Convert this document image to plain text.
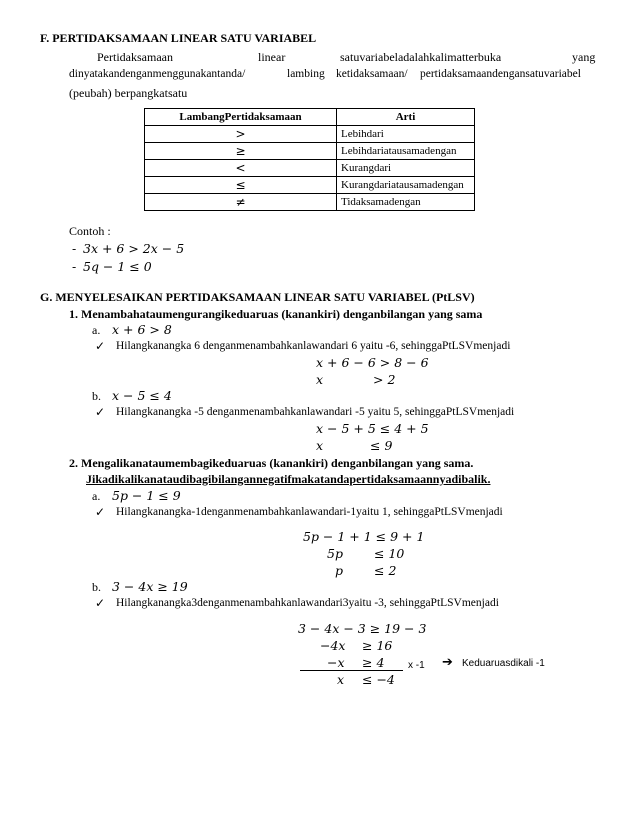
F. PERTIDAKSAMAAN LINEAR SATU VARIABEL
Pertidaksamaan	linear	satuvariabeladalahkalimatterbuka	yang
dinyatakandenganmenggunakantanda/	lambing ketidaksamaan/ pertidaksamaandengansatuvariabel
(peubah) berpangkatsatu
LambangPertidaksamaan	Arti
>	Lebihdari
≥	Lebihdariatausamadengan
<	Kurangdari
≤	Kurangdariatausamadengan
≠	Tidaksamadengan
Contoh :
- 3x + 6 > 2x − 5
- 5q − 1 ≤ 0
G. MENYELESAIKAN PERTIDAKSAMAAN LINEAR SATU VARIABEL (PtLSV)
1. Menambahataumengurangikeduaruas (kanankiri) denganbilangan yang sama
a. x + 6 > 8
✓ Hilangkanangka 6 denganmenambahkanlawandari 6 yaitu -6, sehinggaPtLSVmenjadi
x + 6 − 6 > 8 − 6
x	> 2
b. x − 5 ≤ 4
✓ Hilangkanangka -5 denganmenambahkanlawandari -5 yaitu 5, sehinggaPtLSVmenjadi
x − 5 + 5 ≤ 4 + 5
x	≤ 9
2. Mengalikanataumembagikeduaruas (kanankiri) denganbilangan yang sama.
Jikadikalikanataudibagibilangannegatifmakatandapertidaksamaannyadibalik.
a. 5p − 1 ≤ 9
✓ Hilangkanangka-1denganmenambahkanlawandari-1yaitu 1, sehinggaPtLSVmenjadi
5p − 1 + 1 ≤ 9 + 1
5p ≤ 10
p ≤ 2
b. 3 − 4x ≥ 19
✓ Hilangkanangka3denganmenambahkanlawandari3yaitu -3, sehinggaPtLSVmenjadi
3 − 4x − 3 ≥ 19 − 3
−4x ≥ 16
−x ≥ 4 x -1 ➔ Keduaruasdikali -1
x ≤ −4
